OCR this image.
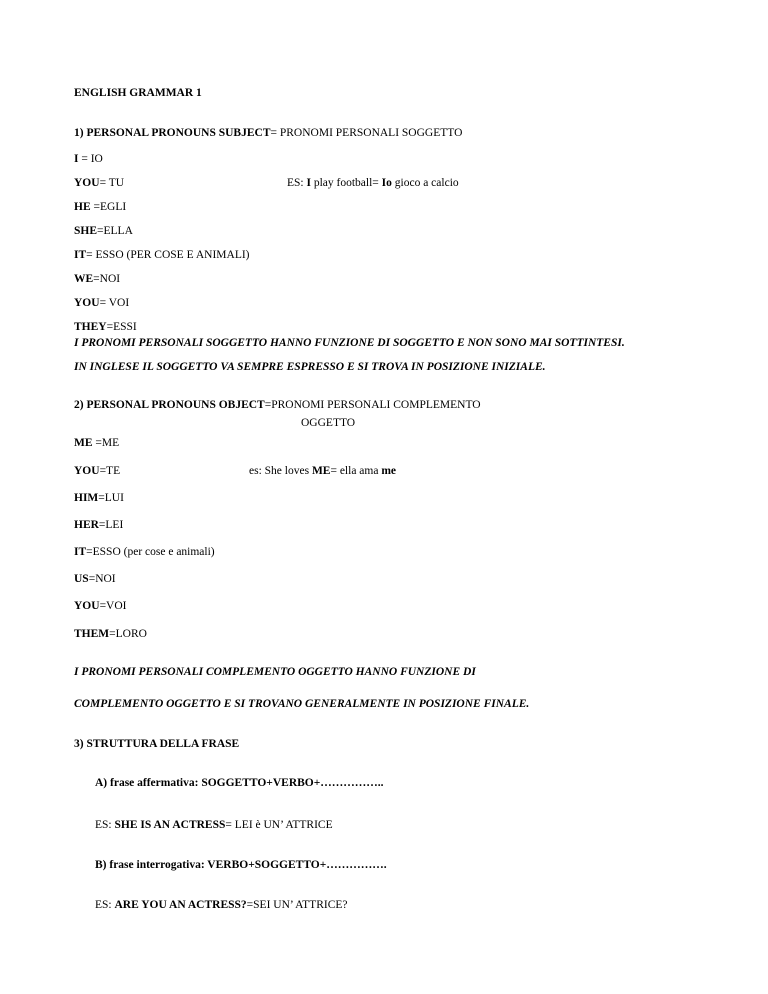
ENGLISH GRAMMAR 1
1) PERSONAL PRONOUNS SUBJECT= PRONOMI PERSONALI SOGGETTO
I = IO
YOU= TU	ES: I play football= Io gioco a calcio
HE =EGLI
SHE=ELLA
IT= ESSO (PER COSE E ANIMALI)
WE=NOI
YOU= VOI
THEY=ESSI
I PRONOMI PERSONALI SOGGETTO HANNO FUNZIONE DI SOGGETTO E NON SONO MAI SOTTINTESI.
IN INGLESE IL SOGGETTO VA SEMPRE ESPRESSO E SI TROVA IN POSIZIONE INIZIALE.
2) PERSONAL PRONOUNS OBJECT=PRONOMI PERSONALI COMPLEMENTO
OGGETTO
ME =ME
YOU=TE	es: She loves ME= ella ama me
HIM=LUI
HER=LEI
IT=ESSO (per cose e animali)
US=NOI
YOU=VOI
THEM=LORO
I PRONOMI PERSONALI COMPLEMENTO OGGETTO HANNO FUNZIONE DI
COMPLEMENTO OGGETTO E SI TROVANO GENERALMENTE IN POSIZIONE FINALE.
3) STRUTTURA DELLA FRASE
A) frase affermativa: SOGGETTO+VERBO+……………..
ES: SHE IS AN ACTRESS= LEI è UN’ ATTRICE
B) frase interrogativa: VERBO+SOGGETTO+…………….
ES: ARE YOU AN ACTRESS?=SEI UN’ ATTRICE?
